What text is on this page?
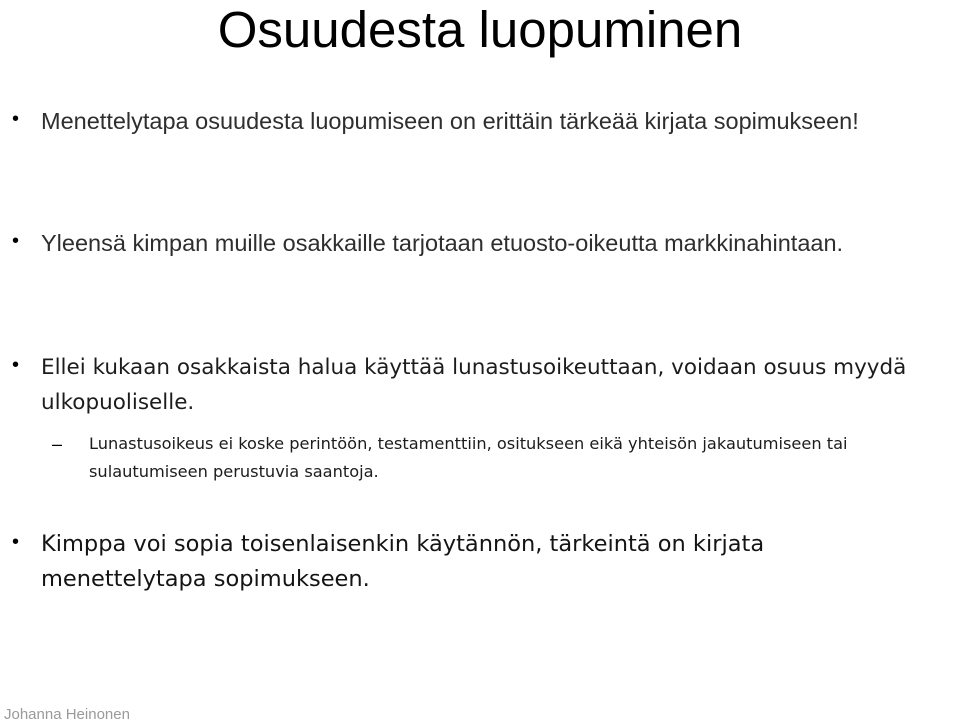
Osuudesta luopuminen
• Menettelytapa osuudesta luopumiseen on erittäin tärkeää kirjata sopimukseen!
• Yleensä kimpan muille osakkaille tarjotaan etuosto-oikeutta markkinahintaan.
• Ellei kukaan osakkaista halua käyttää lunastusoikeuttaan, voidaan osuus myydä ulkopuoliselle.
– Lunastusoikeus ei koske perintöön, testamenttiin, ositukseen eikä yhteisön jakautumiseen tai sulautumiseen perustuvia saantoja.
• Kimppa voi sopia toisenlaisenkin käytännön, tärkeintä on kirjata menettelytapa sopimukseen.
Johanna Heinonen
